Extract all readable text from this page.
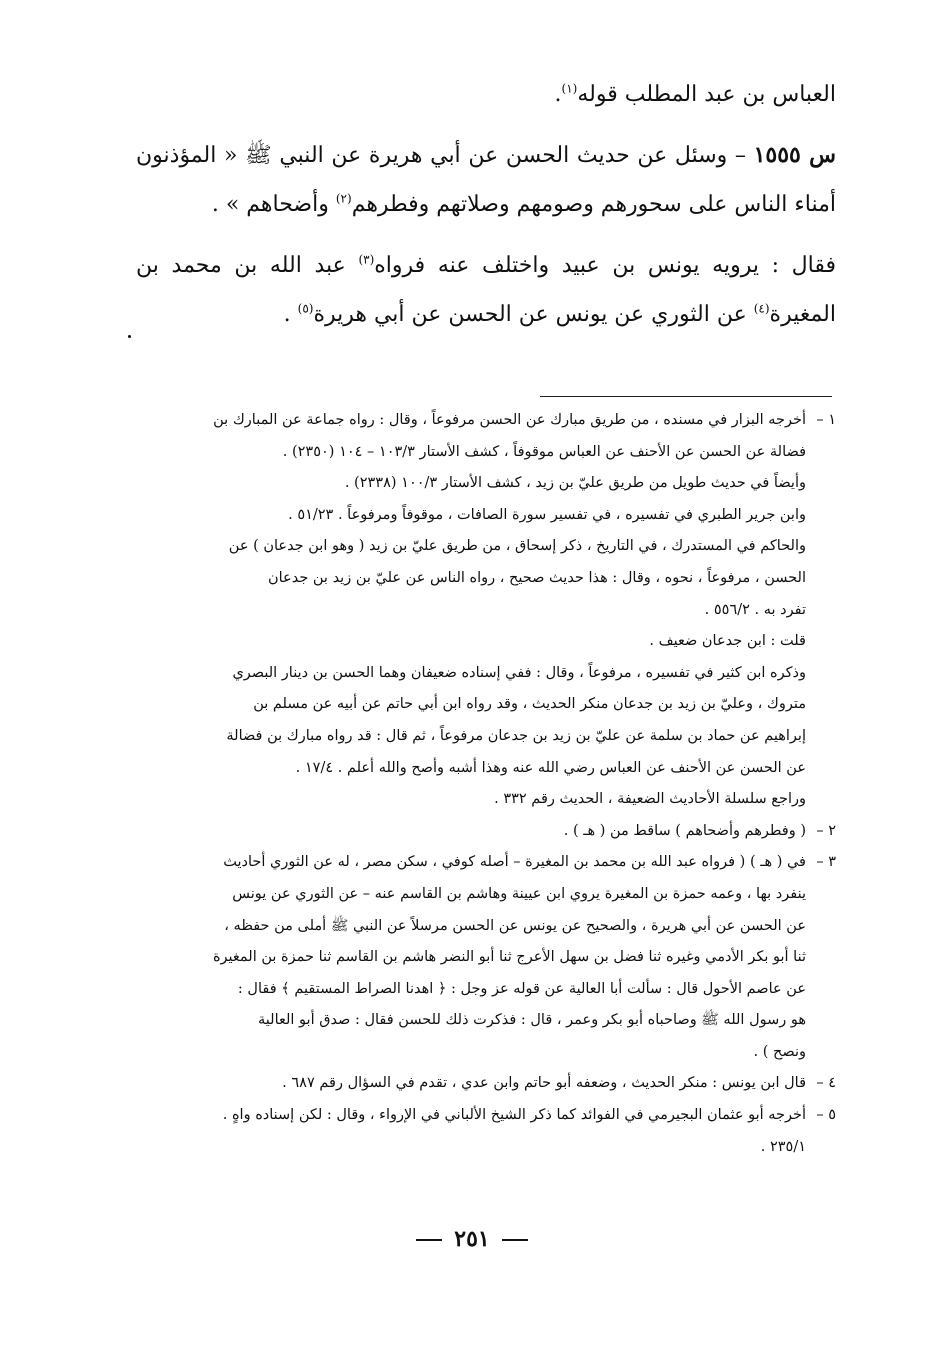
العباس بن عبد المطلب قوله$^{(١)}$.

س ١٥٥٥ – وسئل عن حديث الحسن عن أبي هريرة عن النبي ﷺ « المؤذنون أمناء الناس على سحورهم وصومهم وصلاتهم وفطرهم$^{(٢)}$ وأضحاهم » .

فقال : يرويه يونس بن عبيد واختلف عنه فرواه$^{(٣)}$ عبد الله بن محمد بن المغيرة$^{(٤)}$ عن الثوري عن يونس عن الحسن عن أبي هريرة$^{(٥)}$ .

١ –
أخرجه البزار في مسنده ، من طريق مبارك عن الحسن مرفوعاً ، وقال : رواه جماعة عن المبارك بن
فضالة عن الحسن عن الأحنف عن العباس موقوفاً ، كشف الأستار ١٠٣/٣ – ١٠٤ (٢٣٥٠) .
وأيضاً في حديث طويل من طريق عليّ بن زيد ، كشف الأستار ١٠٠/٣ (٢٣٣٨) .
وابن جرير الطبري في تفسيره ، في تفسير سورة الصافات ، موقوفاً ومرفوعاً . ٥١/٢٣ .
والحاكم في المستدرك ، في التاريخ ، ذكر إسحاق ، من طريق عليّ بن زيد ( وهو ابن جدعان ) عن
الحسن ، مرفوعاً ، نحوه ، وقال : هذا حديث صحيح ، رواه الناس عن عليّ بن زيد بن جدعان
تفرد به . ٥٥٦/٢ .
قلت : ابن جدعان ضعيف .
وذكره ابن كثير في تفسيره ، مرفوعاً ، وقال : ففي إسناده ضعيفان وهما الحسن بن دينار البصري
متروك ، وعليّ بن زيد بن جدعان منكر الحديث ، وقد رواه ابن أبي حاتم عن أبيه عن مسلم بن
إبراهيم عن حماد بن سلمة عن عليّ بن زيد بن جدعان مرفوعاً ، ثم قال : قد رواه مبارك بن فضالة
عن الحسن عن الأحنف عن العباس رضي الله عنه وهذا أشبه وأصح والله أعلم . ١٧/٤ .
وراجع سلسلة الأحاديث الضعيفة ، الحديث رقم ٣٣٢ .
٢ –
( وفطرهم وأضحاهم ) ساقط من ( هـ ) .
٣ –
في ( هـ ) ( فرواه عبد الله بن محمد بن المغيرة – أصله كوفي ، سكن مصر ، له عن الثوري أحاديث
ينفرد بها ، وعمه حمزة بن المغيرة يروي ابن عيينة وهاشم بن القاسم عنه – عن الثوري عن يونس
عن الحسن عن أبي هريرة ، والصحيح عن يونس عن الحسن مرسلاً عن النبي ﷺ أملى من حفظه ،
ثنا أبو بكر الأدمي وغيره ثنا فضل بن سهل الأعرج ثنا أبو النضر هاشم بن القاسم ثنا حمزة بن المغيرة
عن عاصم الأحول قال : سألت أبا العالية عن قوله عز وجل : ﴿ اهدنا الصراط المستقيم ﴾ فقال :
هو رسول الله ﷺ وصاحباه أبو بكر وعمر ، قال : فذكرت ذلك للحسن فقال : صدق أبو العالية
ونصح ) .
٤ –
قال ابن يونس : منكر الحديث ، وضعفه أبو حاتم وابن عدي ، تقدم في السؤال رقم ٦٨٧ .
٥ –
أخرجه أبو عثمان البجيرمي في الفوائد كما ذكر الشيخ الألباني في الإرواء ، وقال : لكن إسناده واهٍ .
٢٣٥/١ .
٢٥١
